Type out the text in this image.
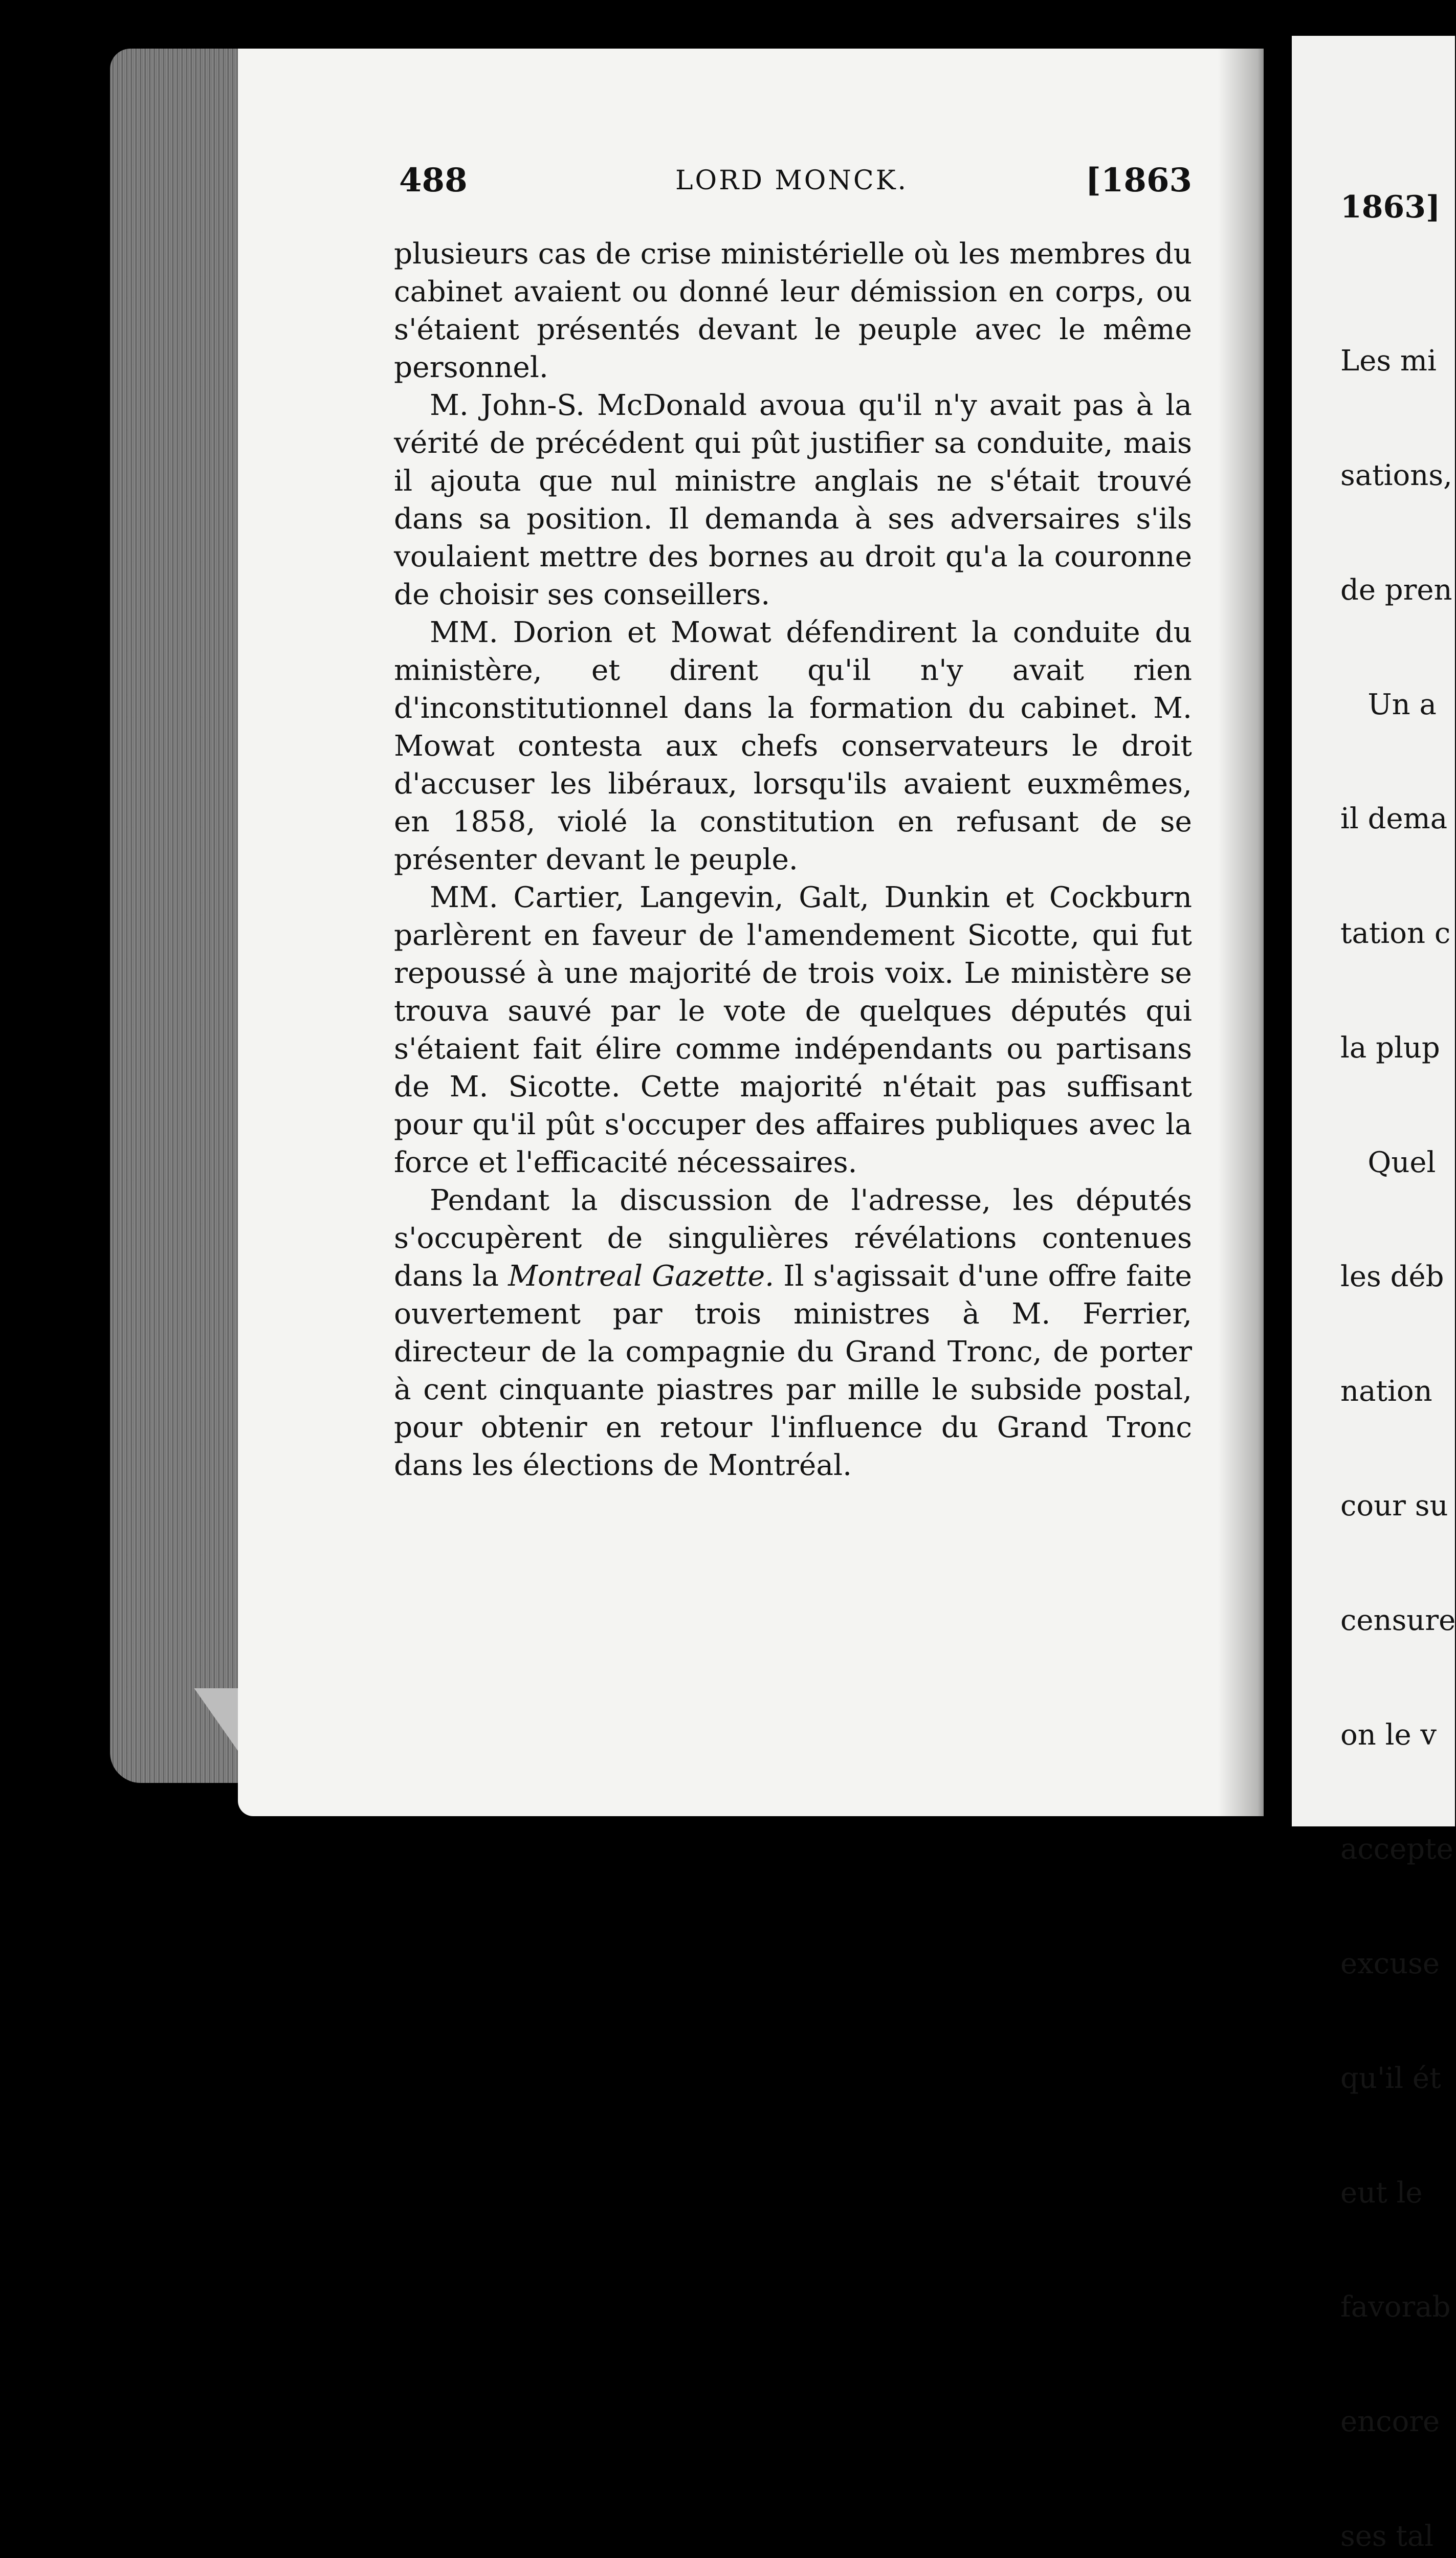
488	LORD MONCK.	[1863

plusieurs cas de crise ministérielle où les membres du cabinet avaient ou donné leur démission en corps, ou s'étaient présentés devant le peuple avec le même personnel.

M. John-S. McDonald avoua qu'il n'y avait pas à la vérité de précédent qui pût justifier sa conduite, mais il ajouta que nul ministre anglais ne s'était trouvé dans sa position. Il demanda à ses adversaires s'ils voulaient mettre des bornes au droit qu'a la couronne de choisir ses conseillers.

MM. Dorion et Mowat défendirent la conduite du ministère, et dirent qu'il n'y avait rien d'inconstitutionnel dans la formation du cabinet. M. Mowat contesta aux chefs conservateurs le droit d'accuser les libéraux, lorsqu'ils avaient euxmêmes, en 1858, violé la constitution en refusant de se présenter devant le peuple.

MM. Cartier, Langevin, Galt, Dunkin et Cockburn parlèrent en faveur de l'amendement Sicotte, qui fut repoussé à une majorité de trois voix. Le ministère se trouva sauvé par le vote de quelques députés qui s'étaient fait élire comme indépendants ou partisans de M. Sicotte. Cette majorité n'était pas suffisant pour qu'il pût s'occuper des affaires publiques avec la force et l'efficacité nécessaires.

Pendant la discussion de l'adresse, les députés s'occupèrent de singulières révélations contenues dans la Montreal Gazette. Il s'agissait d'une offre faite ouvertement par trois ministres à M. Ferrier, directeur de la compagnie du Grand Tronc, de porter à cent cinquante piastres par mille le subside postal, pour obtenir en retour l'influence du Grand Tronc dans les élections de Montréal.

1863]

Les mi

sations,

de pren

Un a

il dema

tation c

la plup

Quel

les déb

nation

cour su

censure

on le v

accepte

excuse

qu'il ét

eut le

favorab

encore

ses tal
